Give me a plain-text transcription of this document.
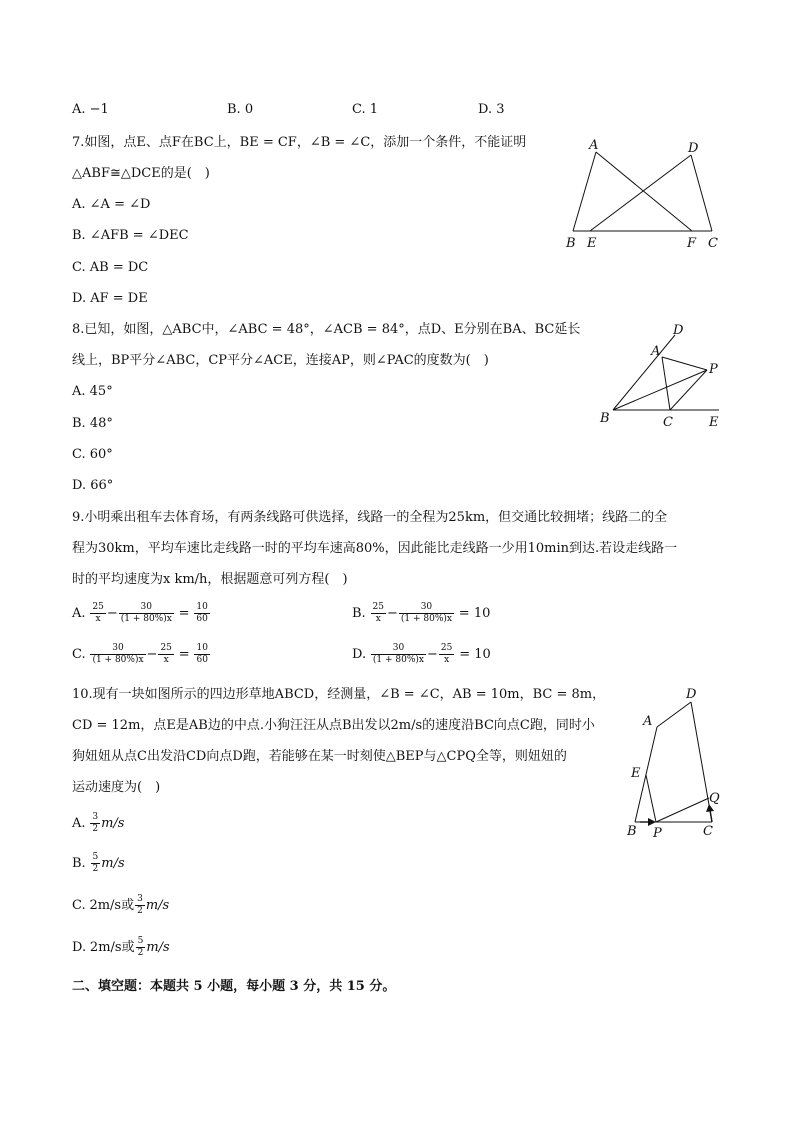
A. −1	B. 0	C. 1	D. 3
7.如图，点E、点F在BC上，BE = CF，∠B = ∠C，添加一个条件，不能证明
△ABF≅△DCE的是(　)
A. ∠A = ∠D
B. ∠AFB = ∠DEC
C. AB = DC
D. AF = DE
A	D
B E	F C
8.已知，如图，△ABC中，∠ABC = 48°，∠ACB = 84°，点D、E分别在BA、BC延长
线上，BP平分∠ABC，CP平分∠ACE，连接AP，则∠PAC的度数为(　)
A. 45°
B. 48°
C. 60°
D. 66°
D
A
P
B	C	E
9.小明乘出租车去体育场，有两条线路可供选择，线路一的全程为25km，但交通比较拥堵；线路二的全
程为30km，平均车速比走线路一时的平均车速高80%，因此能比走线路一少用10min到达.若设走线路一
时的平均速度为x km/h，根据题意可列方程(　)
A. $\frac{25}{x} - \frac{30}{(1 + 80\%)x} = \frac{10}{60}$	B. $\frac{25}{x} - \frac{30}{(1 + 80\%)x} = 10$
C. $\frac{30}{(1 + 80\%)x} - \frac{25}{x} = \frac{10}{60}$	D. $\frac{30}{(1 + 80\%)x} - \frac{25}{x} = 10$
10.现有一块如图所示的四边形草地ABCD，经测量，∠B = ∠C，AB = 10m，BC = 8m，
CD = 12m，点E是AB边的中点.小狗汪汪从点B出发以2m/s的速度沿BC向点C跑，同时小
狗妞妞从点C出发沿CD向点D跑，若能够在某一时刻使△BEP与△CPQ全等，则妞妞的
运动速度为(　)
A. $\frac{3}{2} m/s$
B. $\frac{5}{2} m/s$
C. 2m/s或 $\frac{3}{2} m/s$
D. 2m/s或 $\frac{5}{2} m/s$
D
A
E
Q
B P	C
二、填空题：本题共 5 小题，每小题 3 分，共 15 分。
